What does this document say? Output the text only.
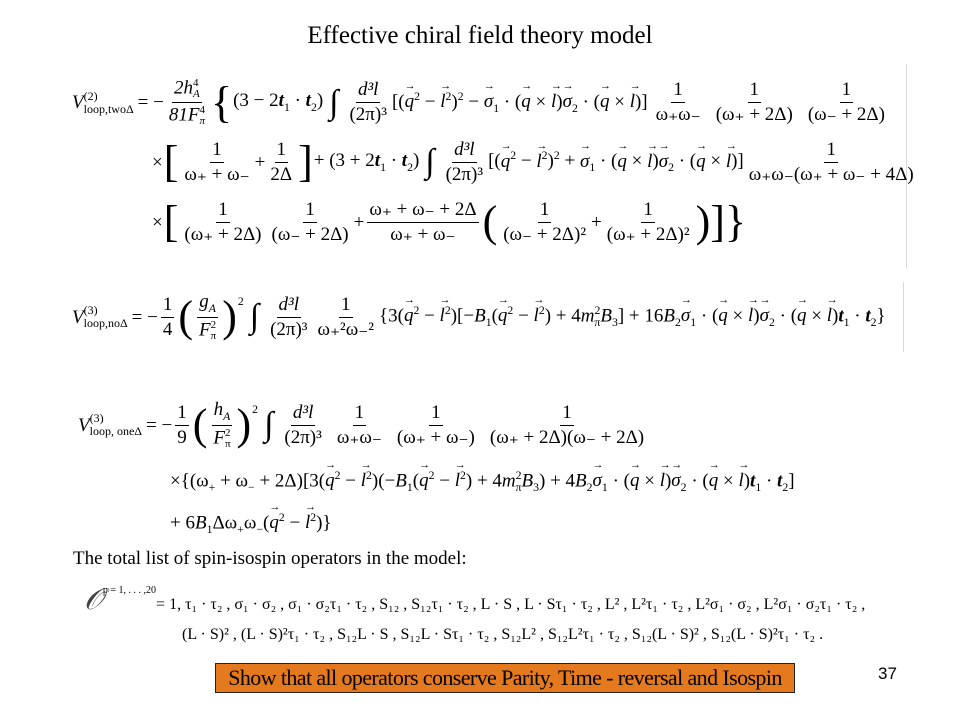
Effective chiral field theory model
V (2)
loop,twoΔ = − 2h 4
A
81F 4
π { $(3 - 2t_1 \cdot t_2)$ ∫ $\frac{\text{d³l}}{\text{(2π)³}}$ [(→ $q^2$ − → $l^2)^2$ − → $\sigma_1$ · (→ q × → $l)\to \sigma_2$ · (→ q × → $l)] \frac{1}{\omega_+\omega_-} \frac{1}{(\omega_+ + 2\Delta)} \frac{1}{(\omega_- + 2\Delta)}$
× [ $\frac{1}{\omega_+ + \omega_-} + \frac{1}{2\Delta}$ ] + $(3 + 2t_1 \cdot t_2)$ ∫ $\frac{\text{d³l}}{\text{(2π)³}}$ [(→ $q^2$ − → $l^2)^2$ + → $\sigma_1$ · (→ q × → $l)\to \sigma_2$ · (→ q × → $l)] \frac{1}{\omega_+\omega_-(\omega_+ + \omega_- + 4\Delta)}$
× [ $\frac{1}{(\omega_+ + 2\Delta)} \frac{1}{(\omega_- + 2\Delta)} + \frac{\omega_+ + \omega_- + 2\Delta}{\omega_+ + \omega_-}$ ( $\frac{1}{\text{(ω₋ + 2Δ)²}} + \frac{1}{\text{(ω₊ + 2Δ)²}}$ )]}
V (3)
loop,noΔ = − $\frac{1}{4}$ ( $g_A$
F 2
π )$^2$ ∫ $\frac{\text{d³l}}{\text{(2π)³}} \frac{1}{\text{ω₊²ω₋²}} \{3(\to q^2$ − → $l^2)[-B_1(\to q^2$ − → $l^2) + 4m^2_\pi B_3] + 16B_2\to \sigma_1$ · (→ q × → $l)\to \sigma_2$ · (→ q × → $l)t_1 \cdot t_2$}
V (3)
loop, oneΔ = − $\frac{1}{9}$ ( $h_A$
F 2
π )$^2$ ∫ $\frac{\text{d³l}}{\text{(2π)³}} \frac{1}{\omega_+\omega_-} \frac{1}{(\omega_+ + \omega_-)} \frac{1}{(\omega_+ + 2\Delta)(\omega_- + 2\Delta)}$
$\times\{(\omega_+ + \omega_- + 2\Delta)[3(\to q^2$ − → $l^2)(-B_1(\to q^2$ − → $l^2) + 4m^2_\pi B_3) + 4B_2\to \sigma_1$ · (→ q × → $l)\to \sigma_2$ · (→ q × → $l)t_1 \cdot t_2$]
+ $6B_1\Delta\omega_+\omega_-(\to q^2$ − → $l^2$)}
The total list of spin-isospin operators in the model:
𝒪$^{p = 1, . . . ,20}$= 1, τ₁ · τ₂ , σ₁ · σ₂ , σ₁ · σ₂τ₁ · τ₂ , S₁₂ , S₁₂τ₁ · τ₂ , L · S , L · Sτ₁ · τ₂ , L² , L²τ₁ · τ₂ , L²σ₁ · σ₂ , L²σ₁ · σ₂τ₁ · τ₂ ,
(L · S)² , (L · S)²τ₁ · τ₂ , S₁₂L · S , S₁₂L · Sτ₁ · τ₂ , S₁₂L² , S₁₂L²τ₁ · τ₂ , S₁₂(L · S)² , S₁₂(L · S)²τ₁ · τ₂ .
Show that all operators conserve Parity, Time - reversal and Isospin	37
